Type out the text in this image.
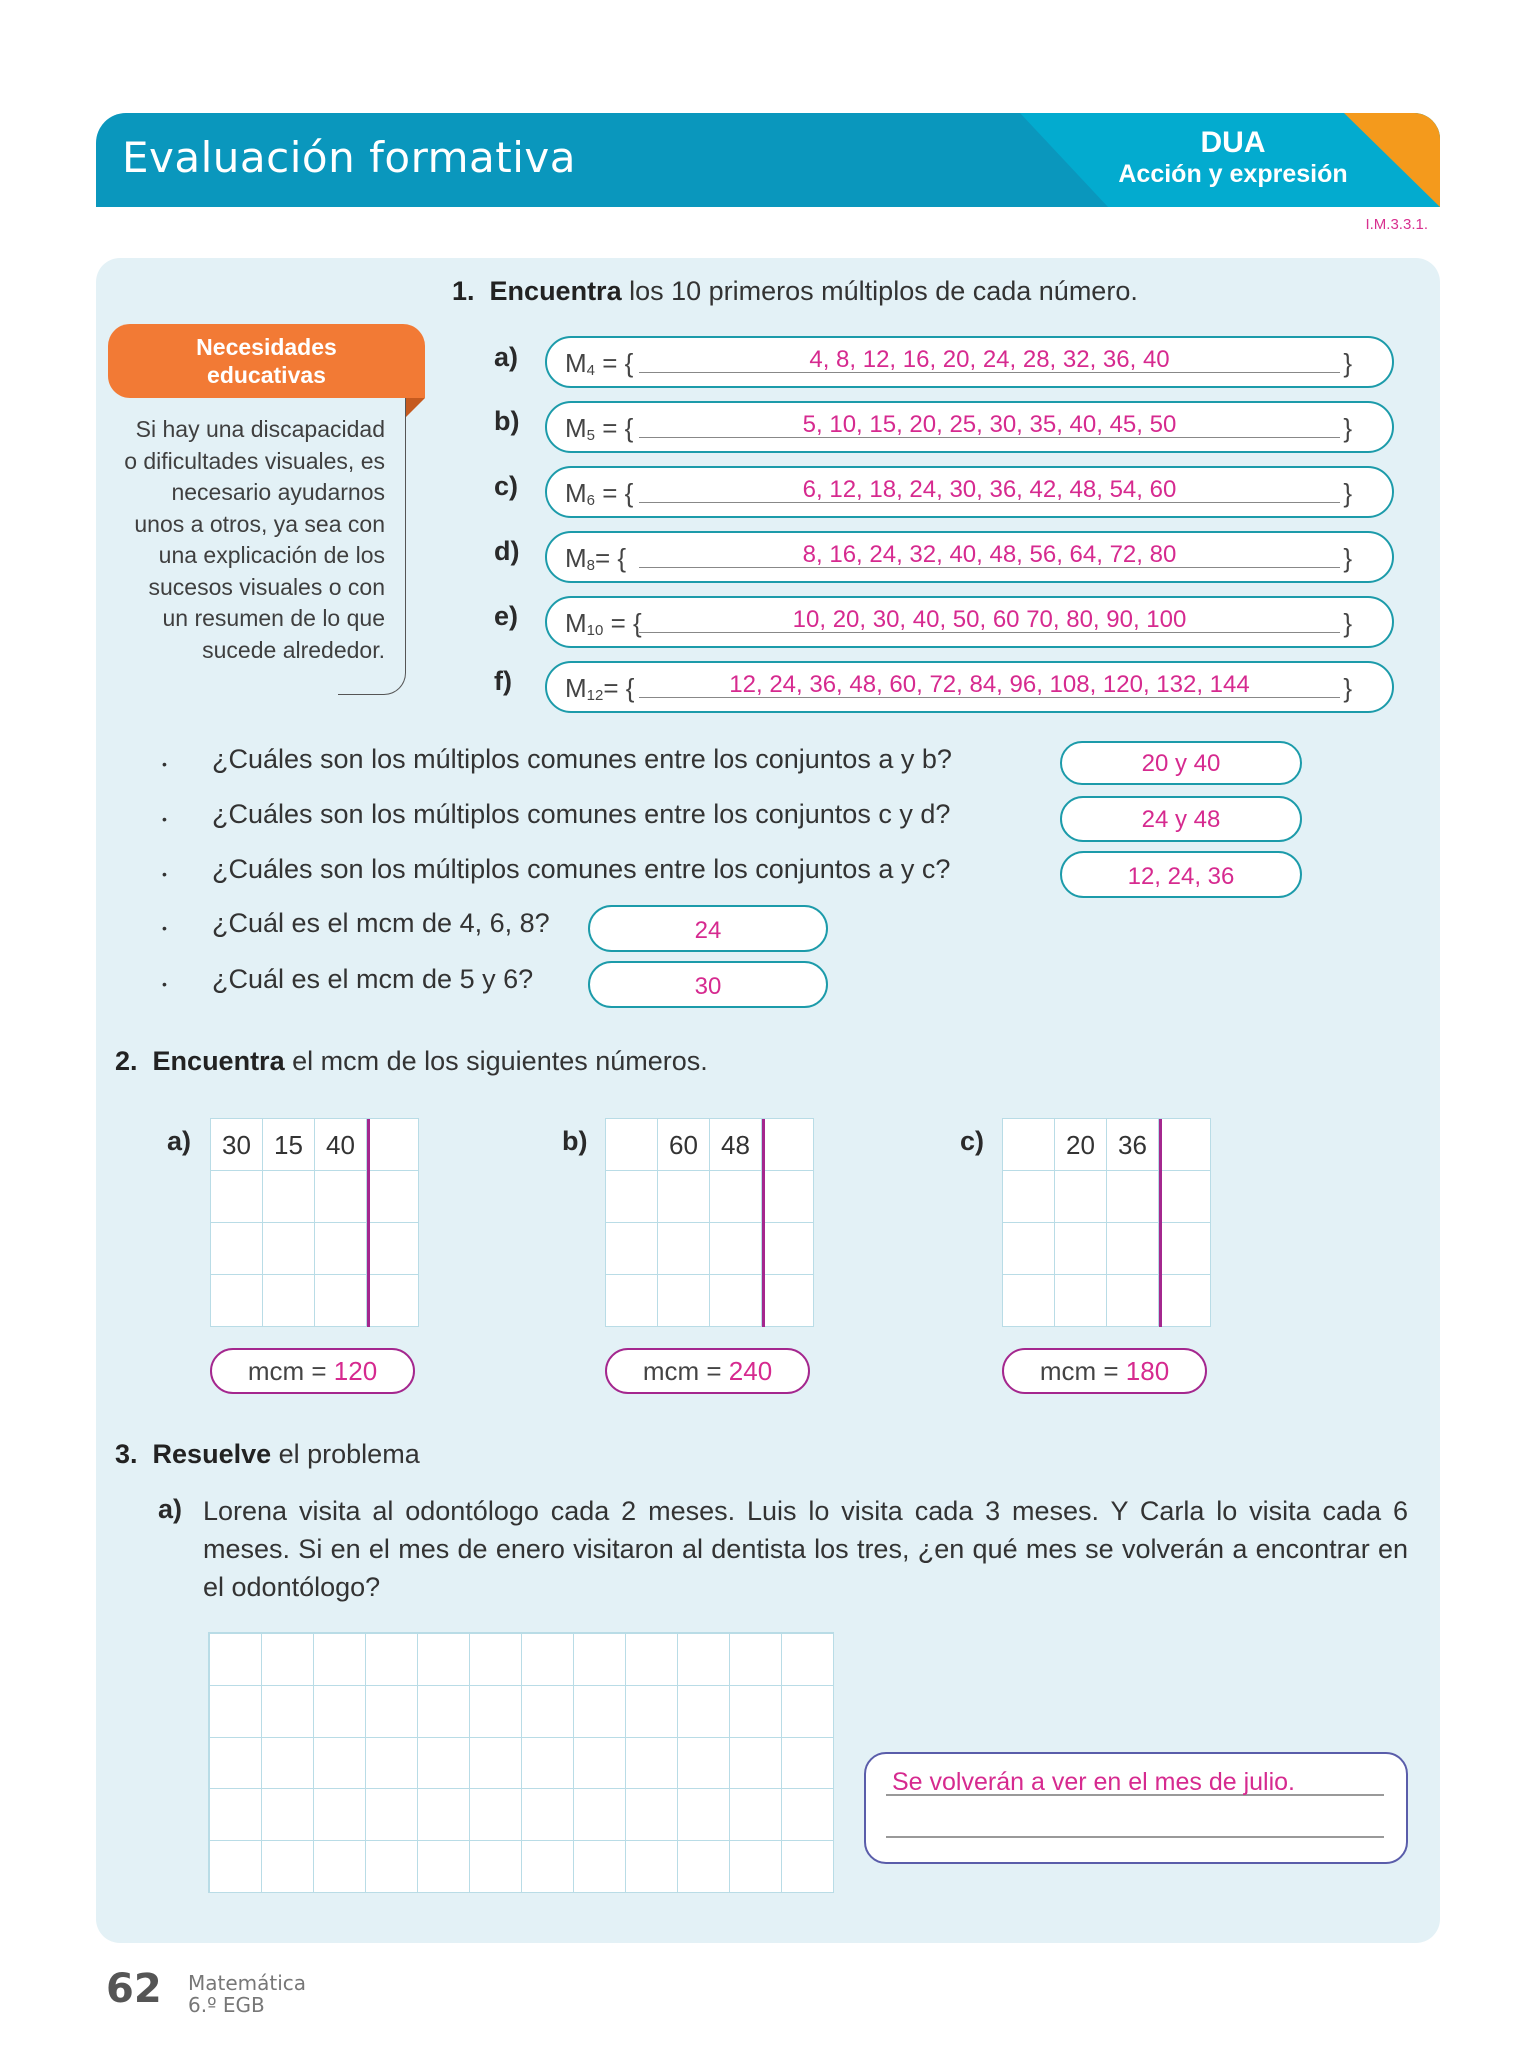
Evaluación formativa	DUA
Acción y expresión
I.M.3.3.1.
Necesidades
educativas
Si hay una discapacidad
o dificultades visuales, es
necesario ayudarnos
unos a otros, ya sea con
una explicación de los
sucesos visuales o con
un resumen de lo que
sucede alrededor.
1. Encuentra los 10 primeros múltiplos de cada número.
a) $M_4$ = {	4, 8, 12, 16, 20, 24, 28, 32, 36, 40	}
b) $M_5$ = {	5, 10, 15, 20, 25, 30, 35, 40, 45, 50	}
c) $M_6$ = {	6, 12, 18, 24, 30, 36, 42, 48, 54, 60	}
d) $M_8=$ {	8, 16, 24, 32, 40, 48, 56, 64, 72, 80	}
e) $M_{10}$ = {	10, 20, 30, 40, 50, 60 70, 80, 90, 100	}
f) $M_{12}=$ {	12, 24, 36, 48, 60, 72, 84, 96, 108, 120, 132, 144	}
• ¿Cuáles son los múltiplos comunes entre los conjuntos a y b?	20 y 40
• ¿Cuáles son los múltiplos comunes entre los conjuntos c y d?	24 y 48
• ¿Cuáles son los múltiplos comunes entre los conjuntos a y c?	12, 24, 36
• ¿Cuál es el mcm de 4, 6, 8?	24
• ¿Cuál es el mcm de 5 y 6?	30
2. Encuentra el mcm de los siguientes números.
a)	30 15 40
mcm = 120
b)	60 48
mcm = 240
c)	20 36
mcm = 180
3. Resuelve el problema
a) Lorena visita al odontólogo cada 2 meses. Luis lo visita cada 3 meses. Y Carla lo visita cada 6 meses. Si en el mes de enero visitaron al dentista los tres, ¿en qué mes se volverán a encontrar en el odontólogo?
Se volverán a ver en el mes de julio.
62 Matemática
6.º EGB
